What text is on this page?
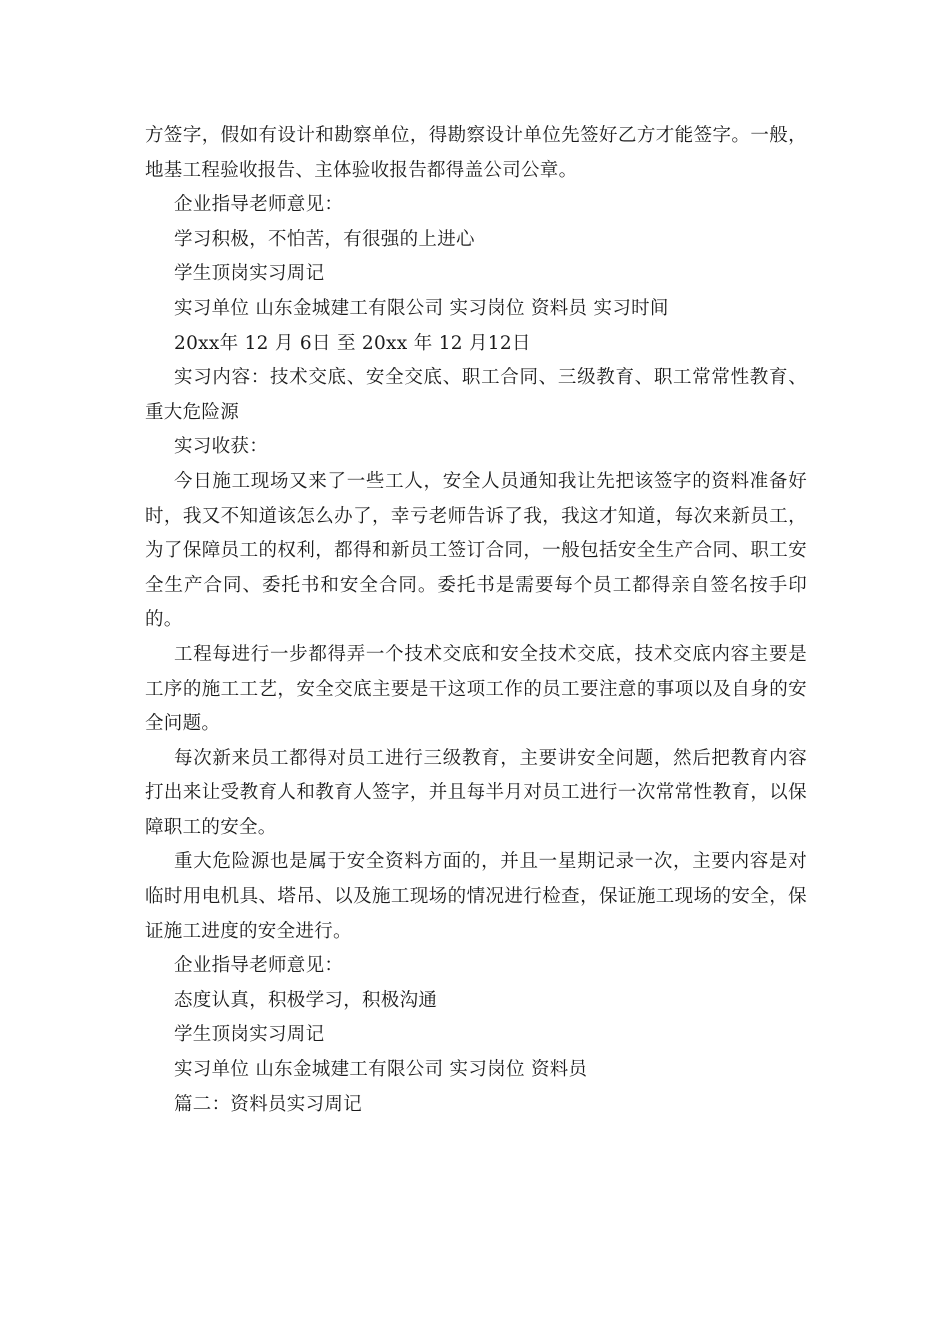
方签字，假如有设计和勘察单位，得勘察设计单位先签好乙方才能签字。一般，地基工程验收报告、主体验收报告都得盖公司公章。

企业指导老师意见：

学习积极，不怕苦，有很强的上进心

学生顶岗实习周记

实习单位 山东金城建工有限公司 实习岗位 资料员 实习时间

20xx年 12 月 6日 至 20xx 年 12 月12日

实习内容：技术交底、安全交底、职工合同、三级教育、职工常常性教育、重大危险源

实习收获：

今日施工现场又来了一些工人，安全人员通知我让先把该签字的资料准备好时，我又不知道该怎么办了，幸亏老师告诉了我，我这才知道，每次来新员工，为了保障员工的权利，都得和新员工签订合同，一般包括安全生产合同、职工安全生产合同、委托书和安全合同。委托书是需要每个员工都得亲自签名按手印的。

工程每进行一步都得弄一个技术交底和安全技术交底，技术交底内容主要是工序的施工工艺，安全交底主要是干这项工作的员工要注意的事项以及自身的安全问题。

每次新来员工都得对员工进行三级教育，主要讲安全问题，然后把教育内容打出来让受教育人和教育人签字，并且每半月对员工进行一次常常性教育，以保障职工的安全。

重大危险源也是属于安全资料方面的，并且一星期记录一次，主要内容是对临时用电机具、塔吊、以及施工现场的情况进行检查，保证施工现场的安全，保证施工进度的安全进行。

企业指导老师意见：

态度认真，积极学习，积极沟通

学生顶岗实习周记

实习单位 山东金城建工有限公司 实习岗位 资料员

篇二：资料员实习周记
